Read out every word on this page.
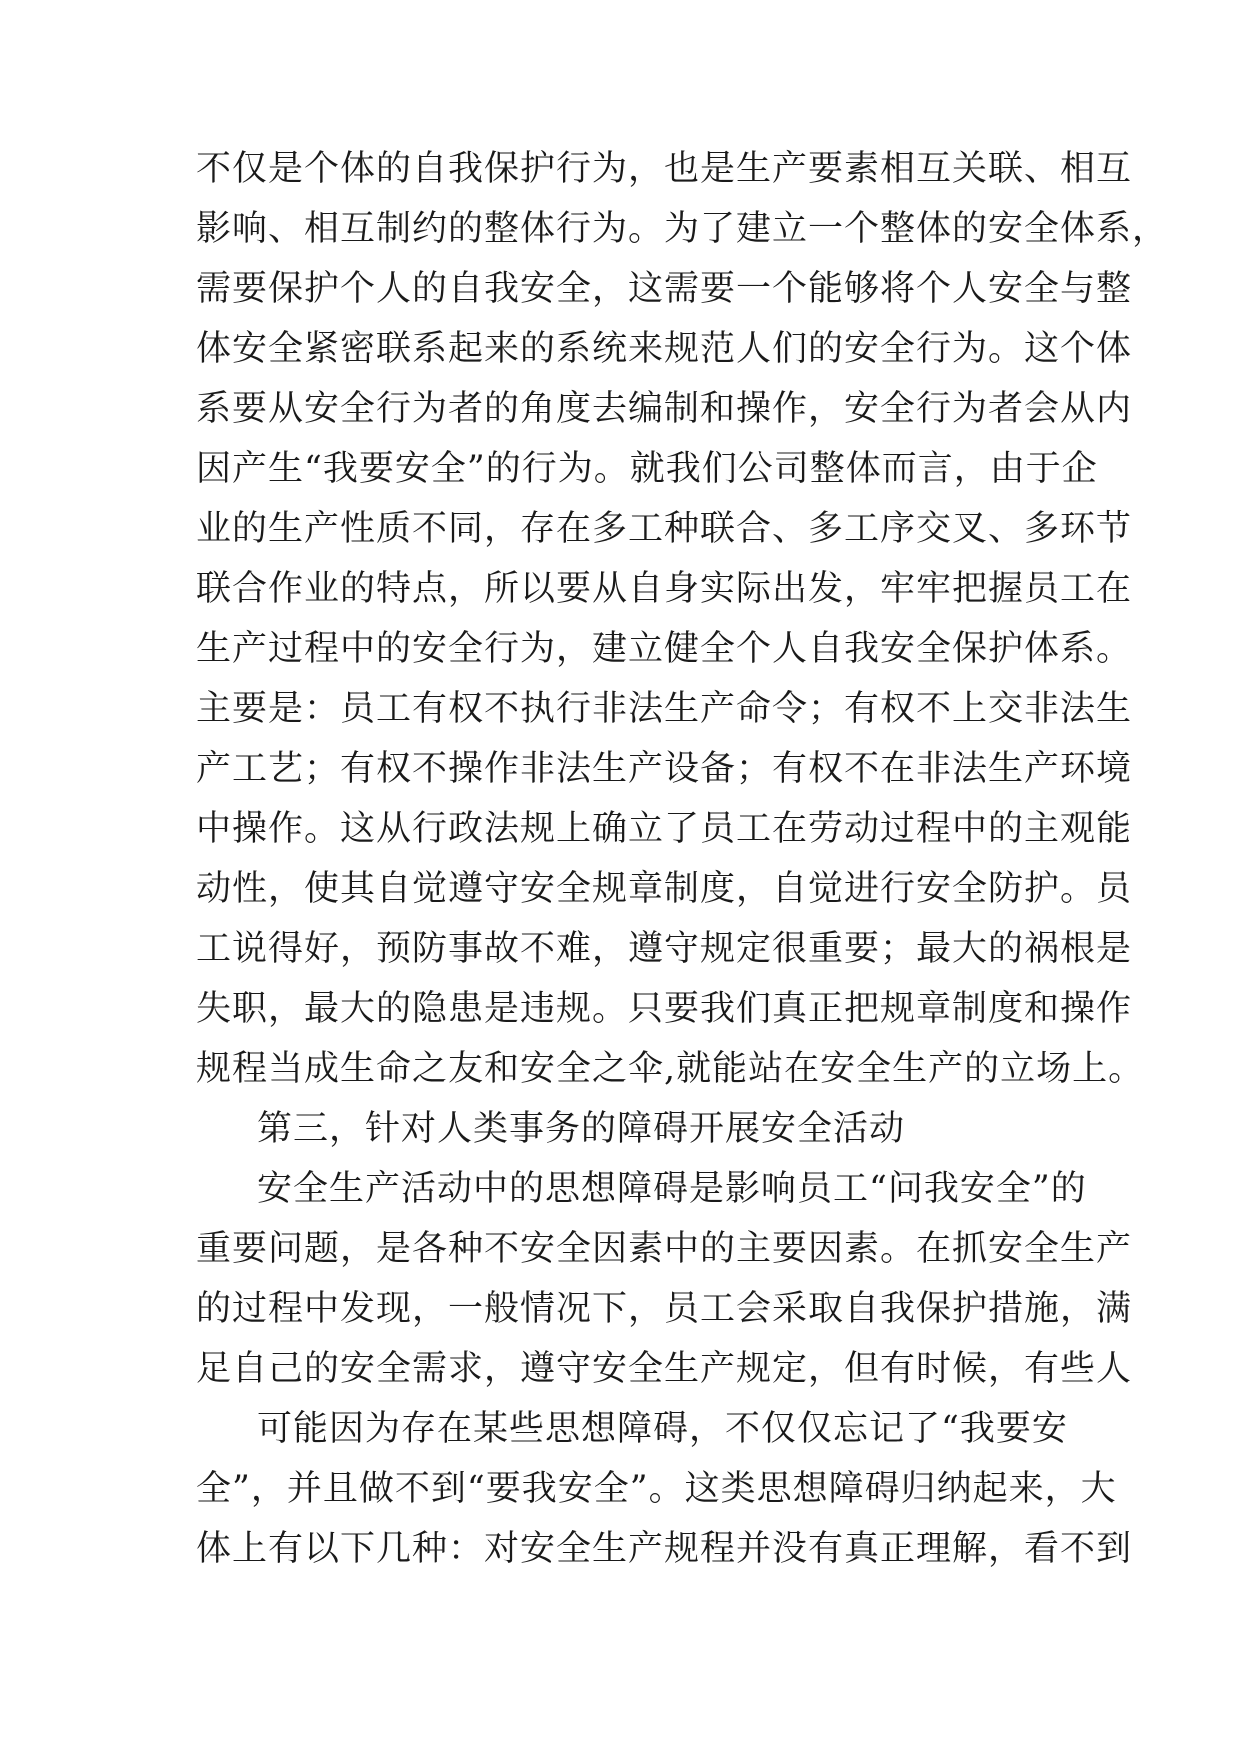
不仅是个体的自我保护行为，也是生产要素相互关联、相互
影响、相互制约的整体行为。为了建立一个整体的安全体系，
需要保护个人的自我安全，这需要一个能够将个人安全与整
体安全紧密联系起来的系统来规范人们的安全行为。这个体
系要从安全行为者的角度去编制和操作，安全行为者会从内
因产生“我要安全”的行为。就我们公司整体而言，由于企
业的生产性质不同，存在多工种联合、多工序交叉、多环节
联合作业的特点，所以要从自身实际出发，牢牢把握员工在
生产过程中的安全行为，建立健全个人自我安全保护体系。
主要是：员工有权不执行非法生产命令；有权不上交非法生
产工艺；有权不操作非法生产设备；有权不在非法生产环境
中操作。这从行政法规上确立了员工在劳动过程中的主观能
动性，使其自觉遵守安全规章制度，自觉进行安全防护。员
工说得好，预防事故不难，遵守规定很重要；最大的祸根是
失职，最大的隐患是违规。只要我们真正把规章制度和操作
规程当成生命之友和安全之伞,就能站在安全生产的立场上。
第三，针对人类事务的障碍开展安全活动
安全生产活动中的思想障碍是影响员工“问我安全”的
重要问题，是各种不安全因素中的主要因素。在抓安全生产
的过程中发现，一般情况下，员工会采取自我保护措施，满
足自己的安全需求，遵守安全生产规定，但有时候，有些人
可能因为存在某些思想障碍，不仅仅忘记了“我要安
全”，并且做不到“要我安全”。这类思想障碍归纳起来，大
体上有以下几种：对安全生产规程并没有真正理解，看不到
